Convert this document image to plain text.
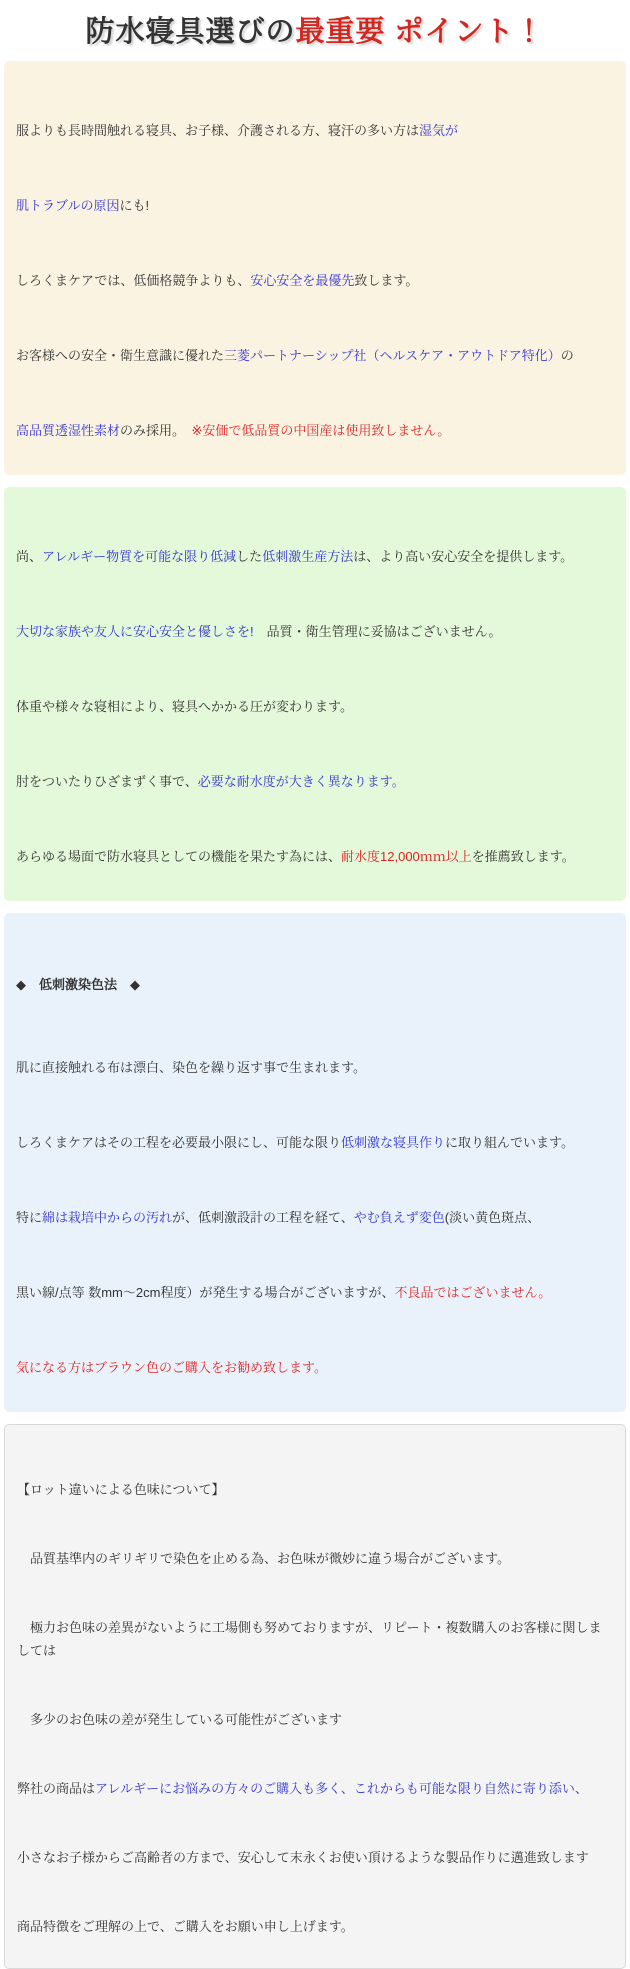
防水寝具選びの最重要 ポイント！

服よりも長時間触れる寝具、お子様、介護される方、寝汗の多い方は湿気が

肌トラブルの原因にも!

しろくまケアでは、低価格競争よりも、安心安全を最優先致します。

お客様への安全・衛生意識に優れた三菱パートナーシップ社（ヘルスケア・アウトドア特化）の

高品質透湿性素材のみ採用。　※安価で低品質の中国産は使用致しません。

尚、アレルギー物質を可能な限り低減した低刺激生産方法は、より高い安心安全を提供します。

大切な家族や友人に安心安全と優しさを!　品質・衛生管理に妥協はございません。

体重や様々な寝相により、寝具へかかる圧が変わります。

肘をついたりひざまずく事で、必要な耐水度が大きく異なります。

あらゆる場面で防水寝具としての機能を果たす為には、耐水度12,000ｍｍ以上を推薦致します。

◆　低刺激染色法　◆

肌に直接触れる布は漂白、染色を繰り返す事で生まれます。

しろくまケアはその工程を必要最小限にし、可能な限り低刺激な寝具作りに取り組んでいます。

特に綿は栽培中からの汚れが、低刺激設計の工程を経て、やむ負えず変色(淡い黄色斑点、

黒い線/点等 数mm～2cm程度）が発生する場合がございますが、不良品ではございません。

気になる方はブラウン色のご購入をお勧め致します。

【ロット違いによる色味について】

　品質基準内のギリギリで染色を止める為、お色味が微妙に違う場合がございます。

　極力お色味の差異がないように工場側も努めておりますが、リピート・複数購入のお客様に関しましては

　多少のお色味の差が発生している可能性がございます

弊社の商品はアレルギーにお悩みの方々のご購入も多く、これからも可能な限り自然に寄り添い、

小さなお子様からご高齢者の方まで、安心して末永くお使い頂けるような製品作りに邁進致します

商品特徴をご理解の上で、ご購入をお願い申し上げます。
